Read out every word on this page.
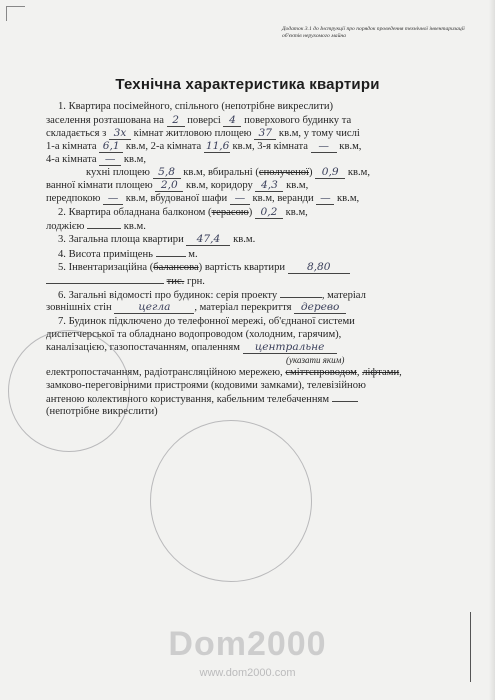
Додаток 3.1 до Інструкції про порядок проведення технічної інвентаризації об'єктів нерухомого майна
Технічна характеристика квартири
1. Квартира посімейного, спільного (непотрібне викреслити)
заселення розташована на 2 поверсі 4 поверхового будинку та
складається з 3х кімнат житловою площею 37 кв.м, у тому числі
1-а кімната 6,1 кв.м, 2-а кімната 11,6 кв.м, 3-я кімната — кв.м,
4-а кімната — кв.м,
кухні площею 5,8 кв.м, вбиральні (сполученої) 0,9 кв.м,
ванної кімнати площею 2,0 кв.м, коридору 4,3 кв.м,
передпокою — кв.м, вбудованої шафи — кв.м, веранди — кв.м,
2. Квартира обладнана балконом (терасою) 0,2 кв.м,
лоджією	кв.м.
3. Загальна площа квартири 47,4 кв.м.
4. Висота приміщень	м.
5. Інвентаризаційна (балансова) вартість квартири 8,80
тис. грн.
6. Загальні відомості про будинок: серія проекту	, матеріал
зовнішніх стін	цегла , матеріал перекриття дерево
7. Будинок підключено до телефонної мережі, об'єднаної системи
диспетчерської та обладнано водопроводом (холодним, гарячим),
каналізацією, газопостачанням, опаленням центральне
(указати яким)
електропостачанням, радіотрансляційною мережею, сміттєпроводом, ліфтами,
замково-переговірними пристроями (кодовими замками), телевізійною
антеною колективного користування, кабельним телебаченням
(непотрібне викреслити)
Dom2000
www.dom2000.com
